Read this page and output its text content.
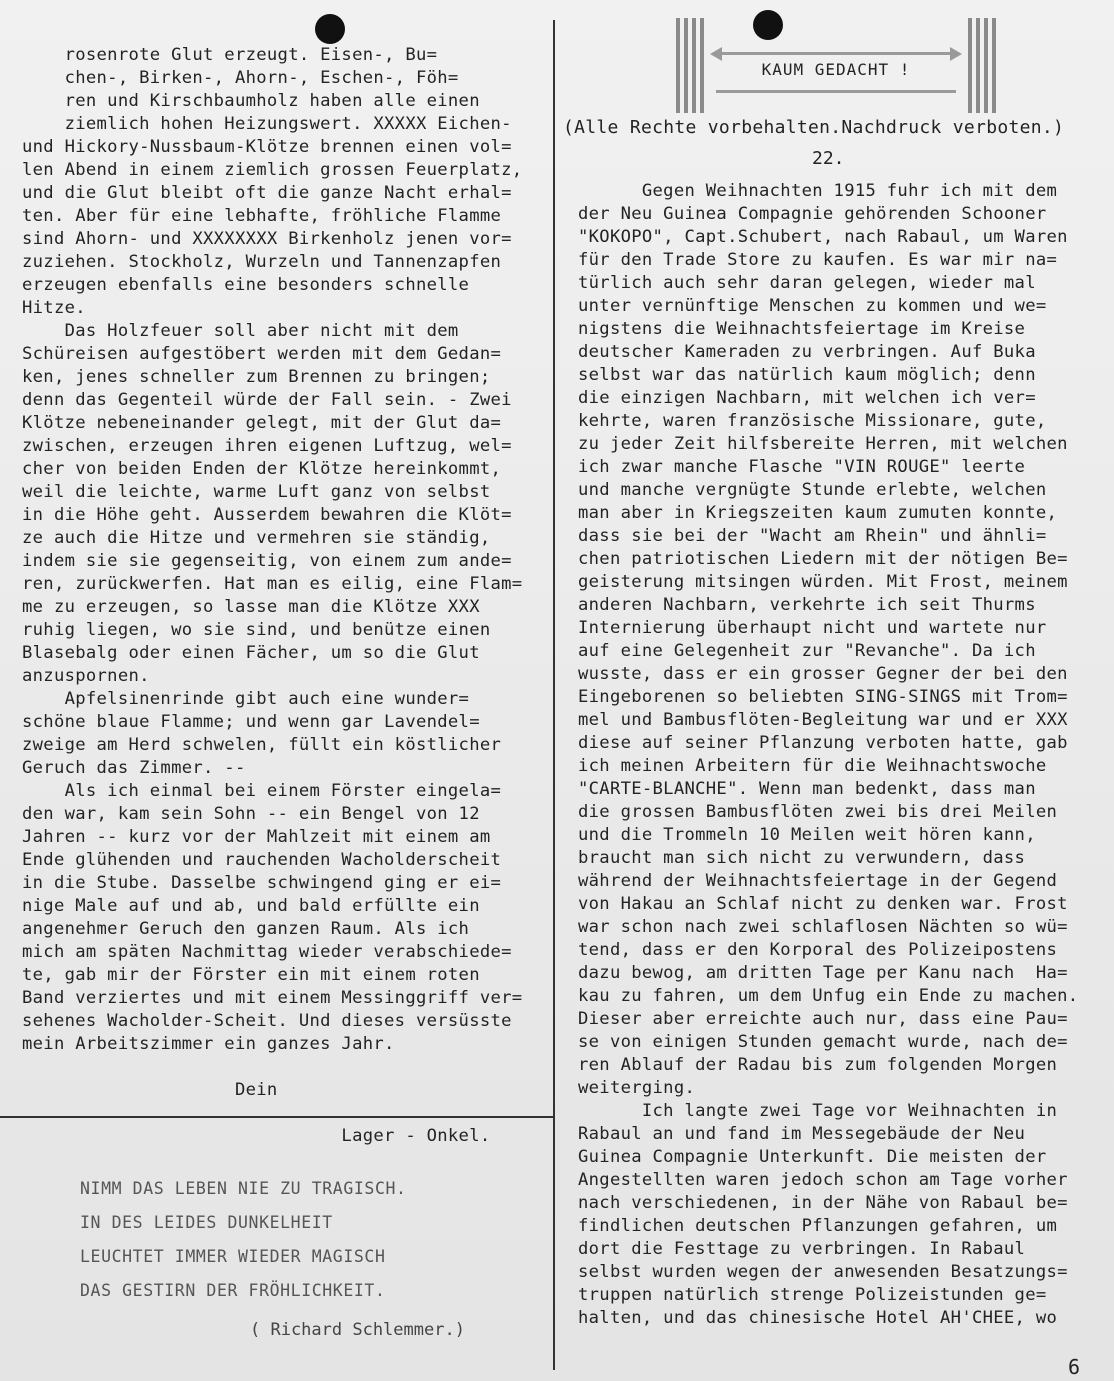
rosenrote Glut erzeugt. Eisen-, Bu=
chen-, Birken-, Ahorn-, Eschen-, Föh=
ren und Kirschbaumholz haben alle einen
ziemlich hohen Heizungswert. XXXXX Eichen-
und Hickory-Nussbaum-Klötze brennen einen vol=
len Abend in einem ziemlich grossen Feuerplatz,
und die Glut bleibt oft die ganze Nacht erhal=
ten. Aber für eine lebhafte, fröhliche Flamme
sind Ahorn- und XXXXXXXX Birkenholz jenen vor=
zuziehen. Stockholz, Wurzeln und Tannenzapfen
erzeugen ebenfalls eine besonders schnelle
Hitze.
Das Holzfeuer soll aber nicht mit dem
Schüreisen aufgestöbert werden mit dem Gedan=
ken, jenes schneller zum Brennen zu bringen;
denn das Gegenteil würde der Fall sein. - Zwei
Klötze nebeneinander gelegt, mit der Glut da=
zwischen, erzeugen ihren eigenen Luftzug, wel=
cher von beiden Enden der Klötze hereinkommt,
weil die leichte, warme Luft ganz von selbst
in die Höhe geht. Ausserdem bewahren die Klöt=
ze auch die Hitze und vermehren sie ständig,
indem sie sie gegenseitig, von einem zum ande=
ren, zurückwerfen. Hat man es eilig, eine Flam=
me zu erzeugen, so lasse man die Klötze XXX
ruhig liegen, wo sie sind, und benütze einen
Blasebalg oder einen Fächer, um so die Glut
anzuspornen.
Apfelsinenrinde gibt auch eine wunder=
schöne blaue Flamme; und wenn gar Lavendel=
zweige am Herd schwelen, füllt ein köstlicher
Geruch das Zimmer. --
Als ich einmal bei einem Förster eingela=
den war, kam sein Sohn -- ein Bengel von 12
Jahren -- kurz vor der Mahlzeit mit einem am
Ende glühenden und rauchenden Wacholderscheit
in die Stube. Dasselbe schwingend ging er ei=
nige Male auf und ab, und bald erfüllte ein
angenehmer Geruch den ganzen Raum. Als ich
mich am späten Nachmittag wieder verabschiede=
te, gab mir der Förster ein mit einem roten
Band verziertes und mit einem Messinggriff ver=
sehenes Wacholder-Scheit. Und dieses versüsste
mein Arbeitszimmer ein ganzes Jahr.
Dein
Lager - Onkel.
KAUM GEDACHT !
(Alle Rechte vorbehalten.Nachdruck verboten.)
22.
Gegen Weihnachten 1915 fuhr ich mit dem
der Neu Guinea Compagnie gehörenden Schooner
"KOKOPO", Capt.Schubert, nach Rabaul, um Waren
für den Trade Store zu kaufen. Es war mir na=
türlich auch sehr daran gelegen, wieder mal
unter vernünftige Menschen zu kommen und we=
nigstens die Weihnachtsfeiertage im Kreise
deutscher Kameraden zu verbringen. Auf Buka
selbst war das natürlich kaum möglich; denn
die einzigen Nachbarn, mit welchen ich ver=
kehrte, waren französische Missionare, gute,
zu jeder Zeit hilfsbereite Herren, mit welchen
ich zwar manche Flasche "VIN ROUGE" leerte
und manche vergnügte Stunde erlebte, welchen
man aber in Kriegszeiten kaum zumuten konnte,
dass sie bei der "Wacht am Rhein" und ähnli=
chen patriotischen Liedern mit der nötigen Be=
geisterung mitsingen würden. Mit Frost, meinem
anderen Nachbarn, verkehrte ich seit Thurms
Internierung überhaupt nicht und wartete nur
auf eine Gelegenheit zur "Revanche". Da ich
wusste, dass er ein grosser Gegner der bei den
Eingeborenen so beliebten SING-SINGS mit Trom=
mel und Bambusflöten-Begleitung war und er XXX
diese auf seiner Pflanzung verboten hatte, gab
ich meinen Arbeitern für die Weihnachtswoche
"CARTE-BLANCHE". Wenn man bedenkt, dass man
die grossen Bambusflöten zwei bis drei Meilen
und die Trommeln 10 Meilen weit hören kann,
braucht man sich nicht zu verwundern, dass
während der Weihnachtsfeiertage in der Gegend
von Hakau an Schlaf nicht zu denken war. Frost
war schon nach zwei schlaflosen Nächten so wü=
tend, dass er den Korporal des Polizeipostens
dazu bewog, am dritten Tage per Kanu nach  Ha=
kau zu fahren, um dem Unfug ein Ende zu machen.
Dieser aber erreichte auch nur, dass eine Pau=
se von einigen Stunden gemacht wurde, nach de=
ren Ablauf der Radau bis zum folgenden Morgen
weiterging.
Ich langte zwei Tage vor Weihnachten in
Rabaul an und fand im Messegebäude der Neu
Guinea Compagnie Unterkunft. Die meisten der
Angestellten waren jedoch schon am Tage vorher
nach verschiedenen, in der Nähe von Rabaul be=
findlichen deutschen Pflanzungen gefahren, um
dort die Festtage zu verbringen. In Rabaul
selbst wurden wegen der anwesenden Besatzungs=
truppen natürlich strenge Polizeistunden ge=
halten, und das chinesische Hotel AH'CHEE, wo
NIMM DAS LEBEN NIE ZU TRAGISCH.
IN DES LEIDES DUNKELHEIT
LEUCHTET IMMER WIEDER MAGISCH
DAS GESTIRN DER FRÖHLICHKEIT.
( Richard Schlemmer.)
6
